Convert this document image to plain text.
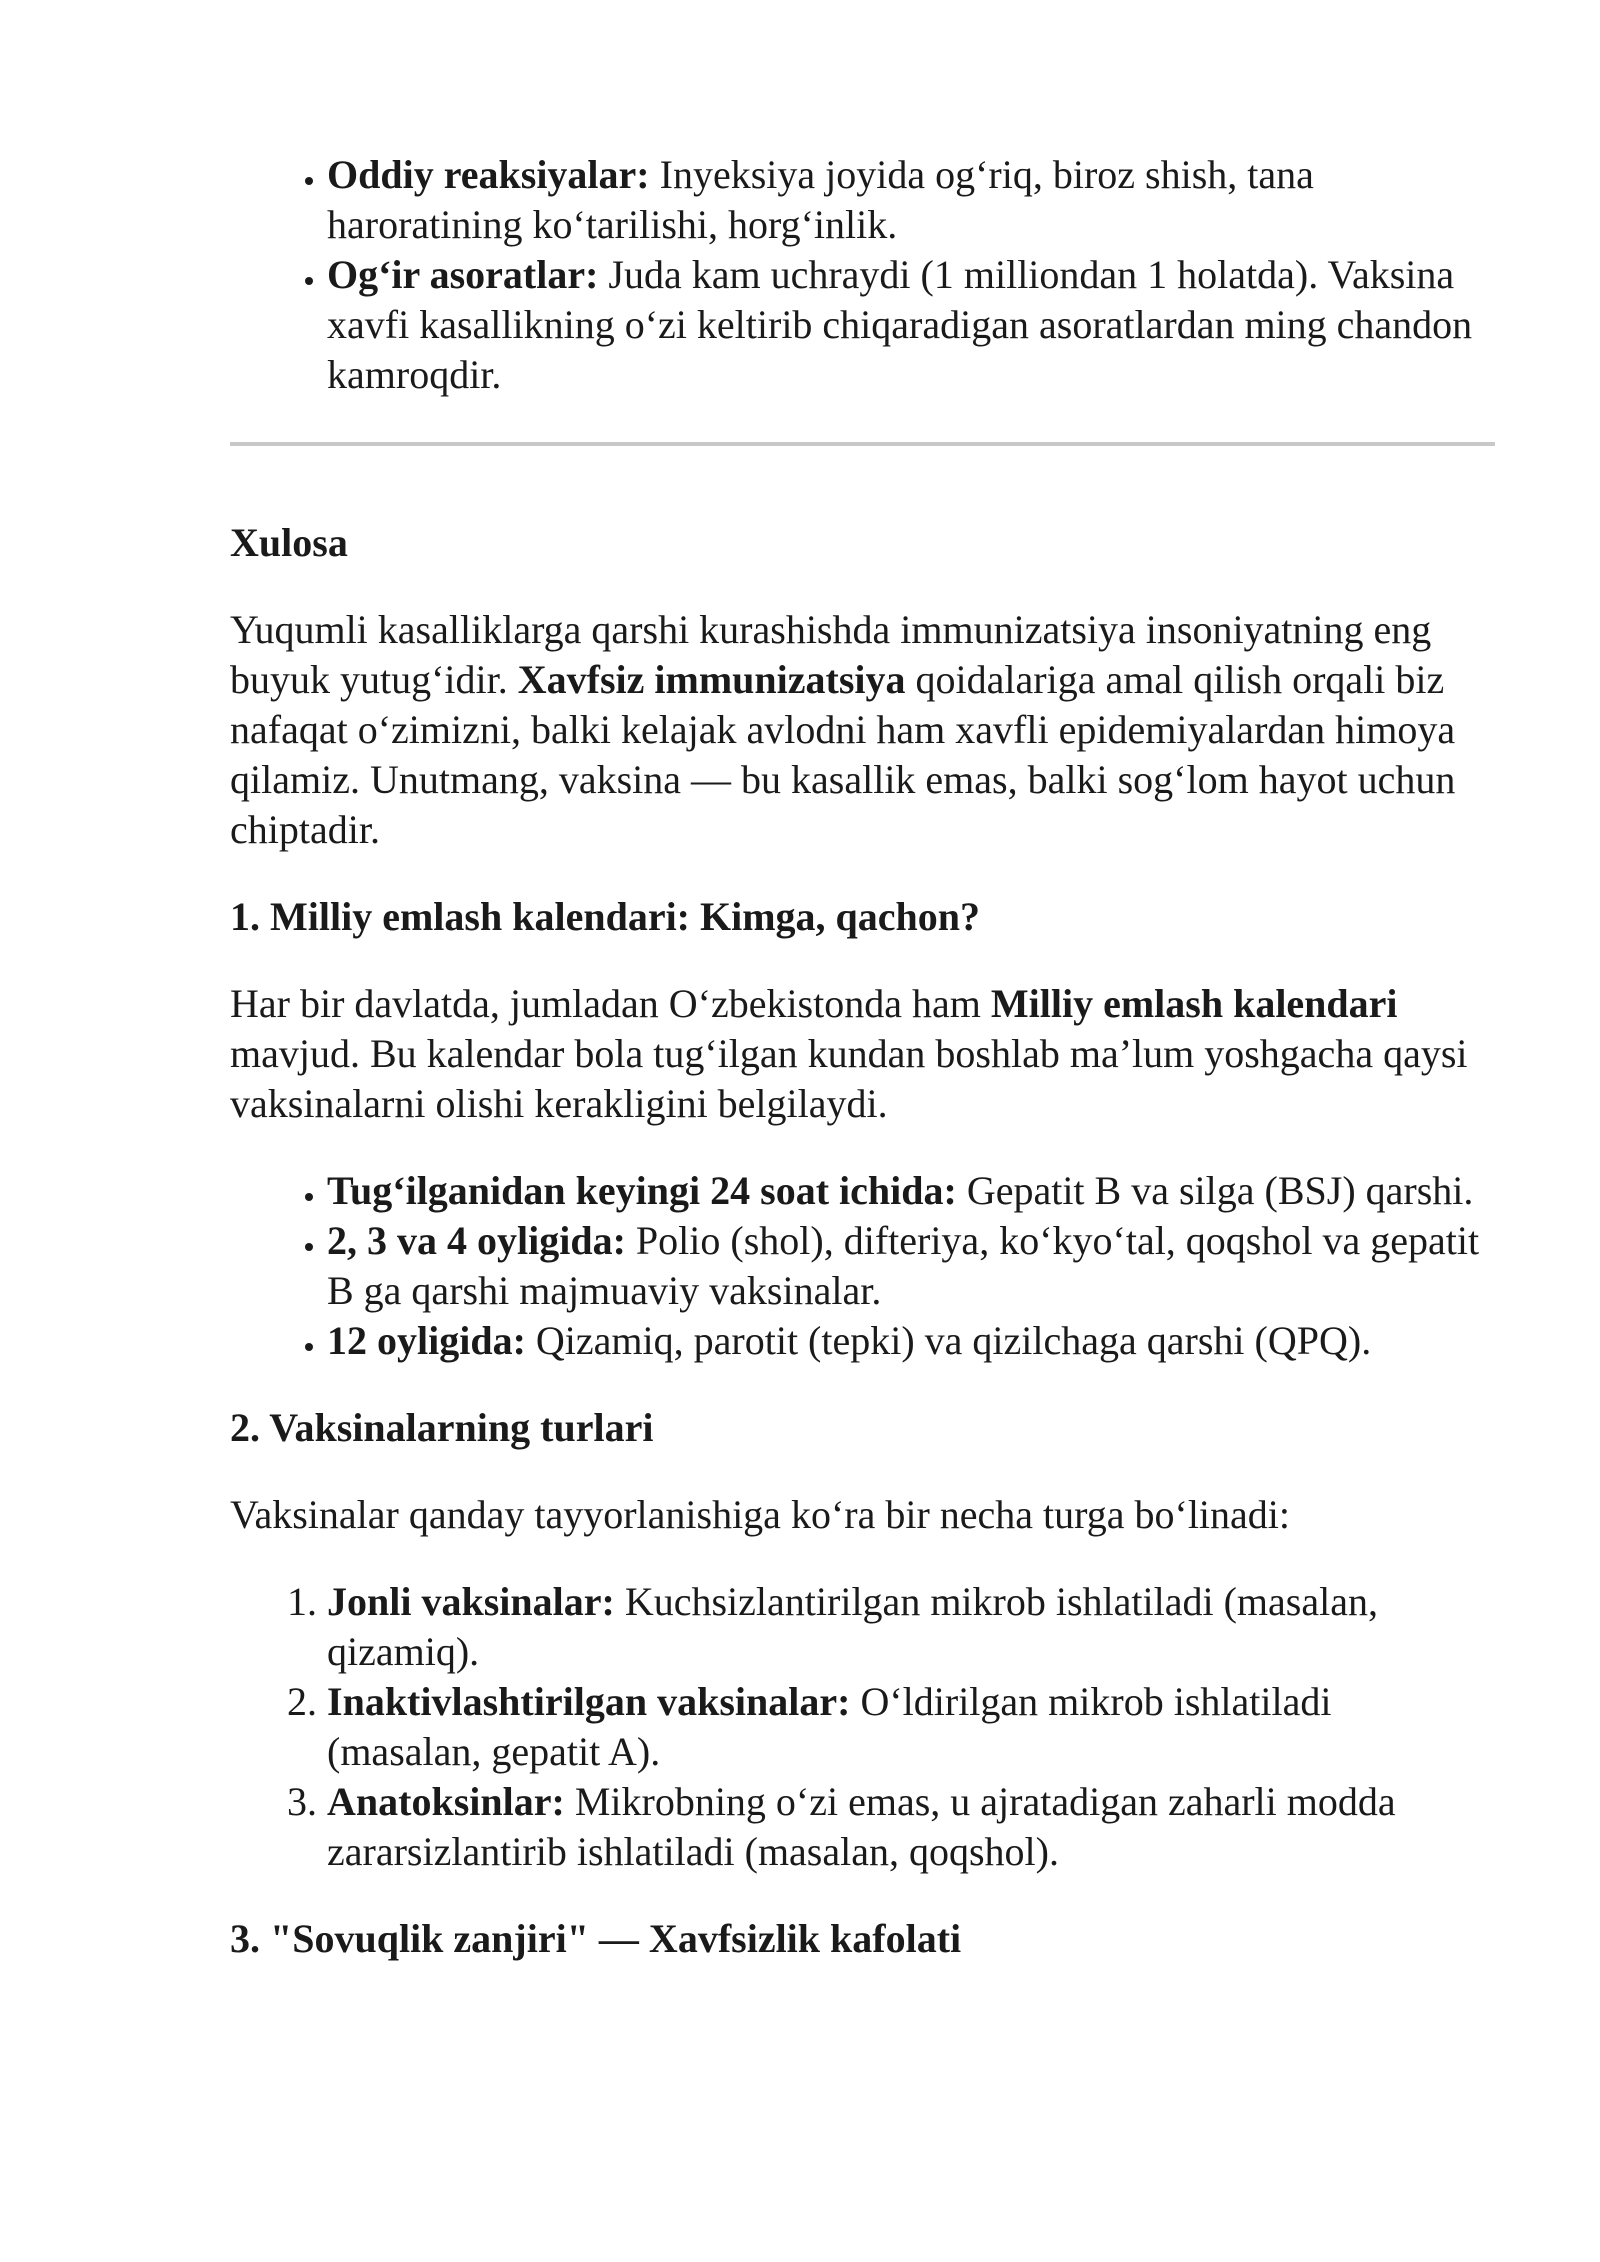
• Oddiy reaksiyalar: Inyeksiya joyida og‘riq, biroz shish, tana haroratining ko‘tarilishi, horg‘inlik.
• Og‘ir asoratlar: Juda kam uchraydi (1 milliondan 1 holatda). Vaksina xavfi kasallikning o‘zi keltirib chiqaradigan asoratlardan ming chandon kamroqdir.

Xulosa

Yuqumli kasalliklarga qarshi kurashishda immunizatsiya insoniyatning eng buyuk yutug‘idir. Xavfsiz immunizatsiya qoidalariga amal qilish orqali biz nafaqat o‘zimizni, balki kelajak avlodni ham xavfli epidemiyalardan himoya qilamiz. Unutmang, vaksina — bu kasallik emas, balki sog‘lom hayot uchun chiptadir.

1. Milliy emlash kalendari: Kimga, qachon?

Har bir davlatda, jumladan O‘zbekistonda ham Milliy emlash kalendari mavjud. Bu kalendar bola tug‘ilgan kundan boshlab ma’lum yoshgacha qaysi vaksinalarni olishi kerakligini belgilaydi.

• Tug‘ilganidan keyingi 24 soat ichida: Gepatit B va silga (BSJ) qarshi.
• 2, 3 va 4 oyligida: Polio (shol), difteriya, ko‘kyo‘tal, qoqshol va gepatit B ga qarshi majmuaviy vaksinalar.
• 12 oyligida: Qizamiq, parotit (tepki) va qizilchaga qarshi (QPQ).

2. Vaksinalarning turlari

Vaksinalar qanday tayyorlanishiga ko‘ra bir necha turga bo‘linadi:

1. Jonli vaksinalar: Kuchsizlantirilgan mikrob ishlatiladi (masalan, qizamiq).
2. Inaktivlashtirilgan vaksinalar: O‘ldirilgan mikrob ishlatiladi (masalan, gepatit A).
3. Anatoksinlar: Mikrobning o‘zi emas, u ajratadigan zaharli modda zararsizlantirib ishlatiladi (masalan, qoqshol).

3. "Sovuqlik zanjiri" — Xavfsizlik kafolati
